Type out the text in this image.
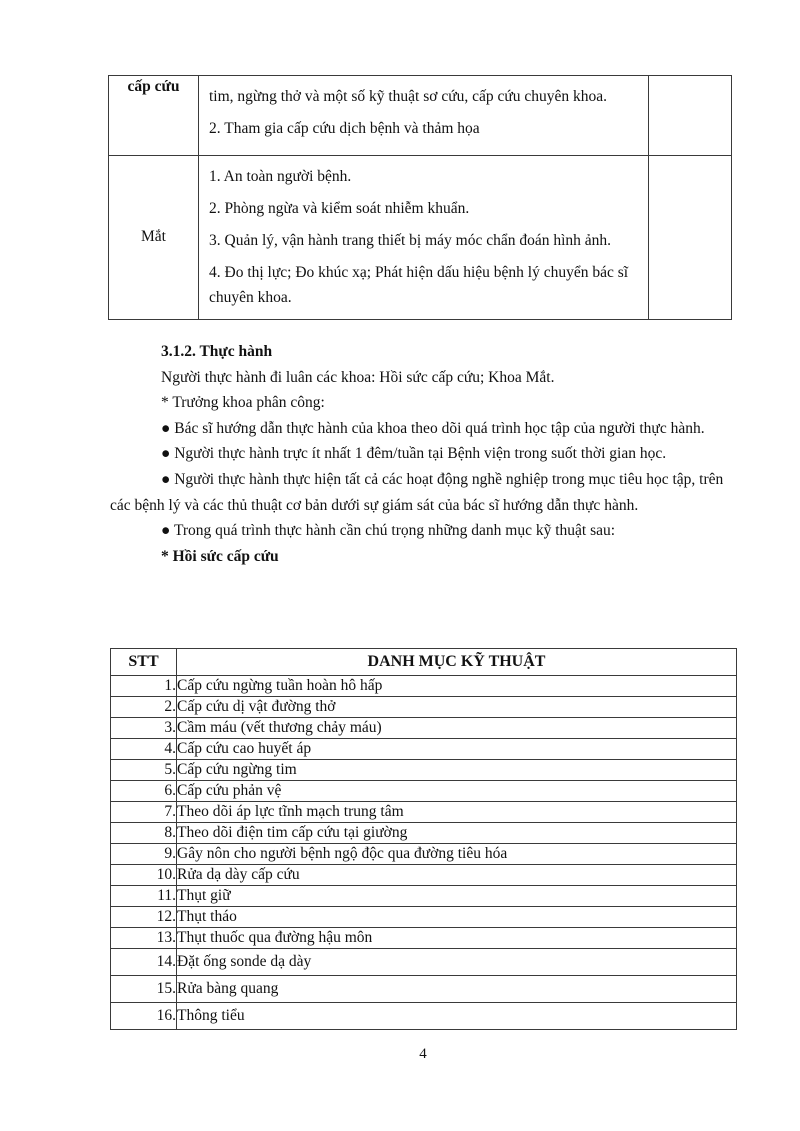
cấp cứu	tim, ngừng thở và một số kỹ thuật sơ cứu, cấp cứu chuyên khoa.

2. Tham gia cấp cứu dịch bệnh và thảm họa	

Mắt	1. An toàn người bệnh.

2. Phòng ngừa và kiểm soát nhiễm khuẩn.

3. Quản lý, vận hành trang thiết bị máy móc chẩn đoán hình ảnh.

4. Đo thị lực; Đo khúc xạ; Phát hiện dấu hiệu bệnh lý chuyển bác sĩ chuyên khoa.	

3.1.2. Thực hành

Người thực hành đi luân các khoa: Hồi sức cấp cứu; Khoa Mắt.

* Trưởng khoa phân công:

● Bác sĩ hướng dẫn thực hành của khoa theo dõi quá trình học tập của người thực hành.

● Người thực hành trực ít nhất 1 đêm/tuần tại Bệnh viện trong suốt thời gian học.

● Người thực hành thực hiện tất cả các hoạt động nghề nghiệp trong mục tiêu học tập, trên các bệnh lý và các thủ thuật cơ bản dưới sự giám sát của bác sĩ hướng dẫn thực hành.

● Trong quá trình thực hành cần chú trọng những danh mục kỹ thuật sau:

* Hồi sức cấp cứu

STT	DANH MỤC KỸ THUẬT
1.	Cấp cứu ngừng tuần hoàn hô hấp
2.	Cấp cứu dị vật đường thở
3.	Cầm máu (vết thương chảy máu)
4.	Cấp cứu cao huyết áp
5.	Cấp cứu ngừng tim
6.	Cấp cứu phản vệ
7.	Theo dõi áp lực tĩnh mạch trung tâm
8.	Theo dõi điện tim cấp cứu tại giường
9.	Gây nôn cho người bệnh ngộ độc qua đường tiêu hóa
10.	Rửa dạ dày cấp cứu
11.	Thụt giữ
12.	Thụt tháo
13.	Thụt thuốc qua đường hậu môn
14.	Đặt ống sonde dạ dày
15.	Rửa bàng quang
16.	Thông tiểu
4
